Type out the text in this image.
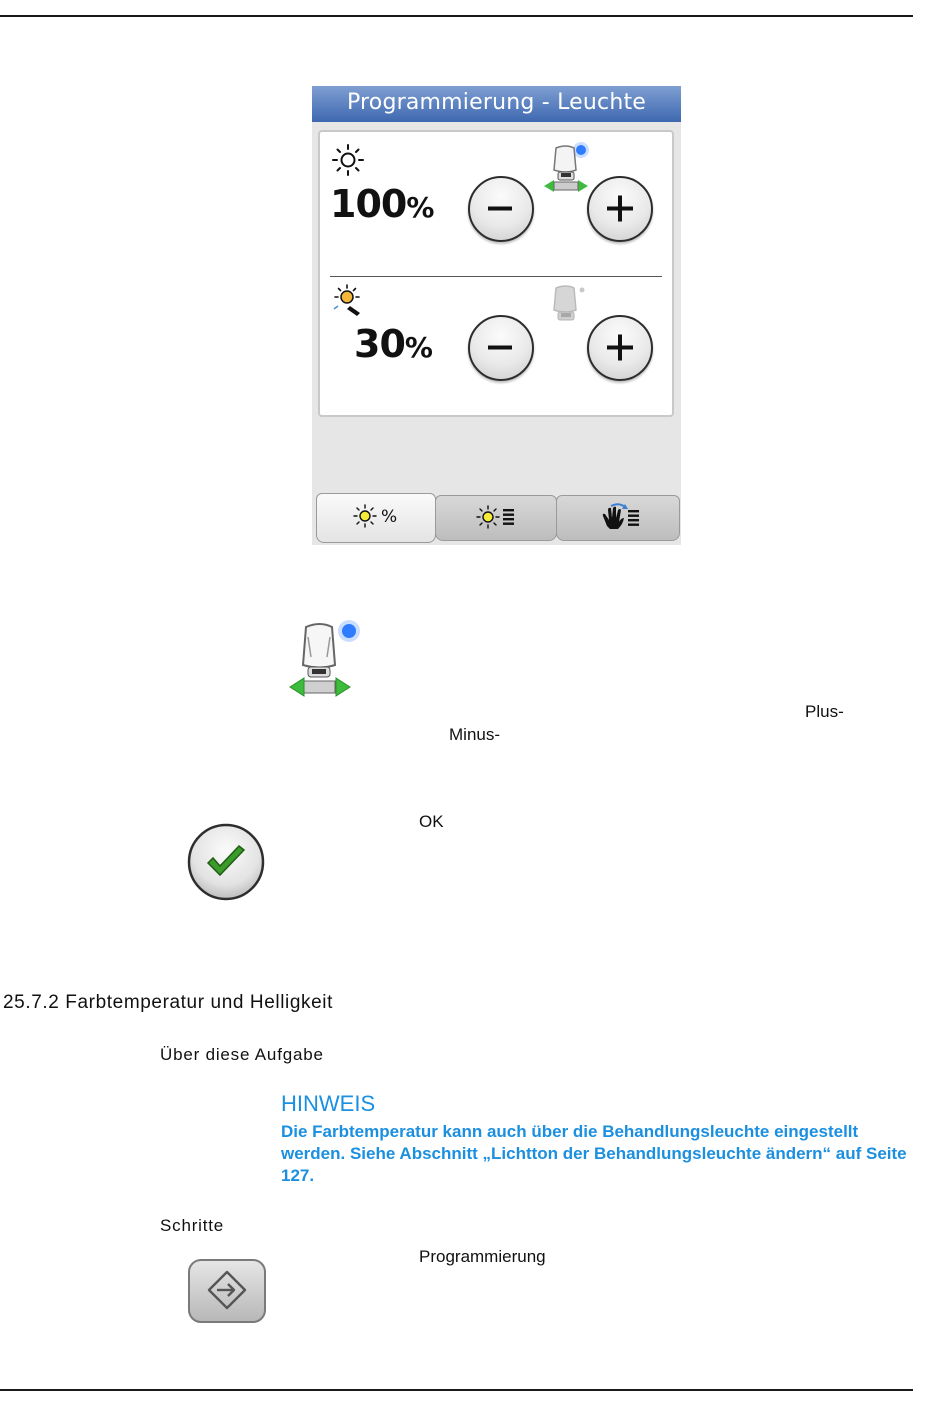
Programmierung - Leuchte
100%
30%
%
Plus-
Minus-
OK
25.7.2 Farbtemperatur und Helligkeit
Über diese Aufgabe
HINWEIS
Die Farbtemperatur kann auch über die Behandlungsleuchte eingestellt werden. Siehe Abschnitt „Lichtton der Behandlungsleuchte ändern“ auf Seite 127.
Schritte
Programmierung
